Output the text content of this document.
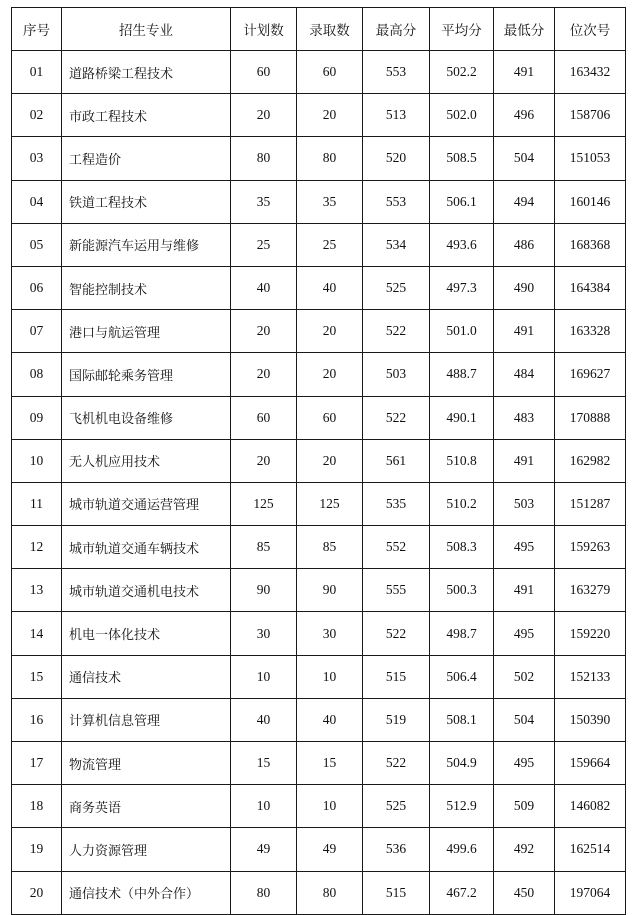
序号	招生专业	计划数	录取数	最高分	平均分	最低分	位次号
01	道路桥梁工程技术	60	60	553	502.2	491	163432
02	市政工程技术	20	20	513	502.0	496	158706
03	工程造价	80	80	520	508.5	504	151053
04	铁道工程技术	35	35	553	506.1	494	160146
05	新能源汽车运用与维修	25	25	534	493.6	486	168368
06	智能控制技术	40	40	525	497.3	490	164384
07	港口与航运管理	20	20	522	501.0	491	163328
08	国际邮轮乘务管理	20	20	503	488.7	484	169627
09	飞机机电设备维修	60	60	522	490.1	483	170888
10	无人机应用技术	20	20	561	510.8	491	162982
11	城市轨道交通运营管理	125	125	535	510.2	503	151287
12	城市轨道交通车辆技术	85	85	552	508.3	495	159263
13	城市轨道交通机电技术	90	90	555	500.3	491	163279
14	机电一体化技术	30	30	522	498.7	495	159220
15	通信技术	10	10	515	506.4	502	152133
16	计算机信息管理	40	40	519	508.1	504	150390
17	物流管理	15	15	522	504.9	495	159664
18	商务英语	10	10	525	512.9	509	146082
19	人力资源管理	49	49	536	499.6	492	162514
20	通信技术（中外合作）	80	80	515	467.2	450	197064
